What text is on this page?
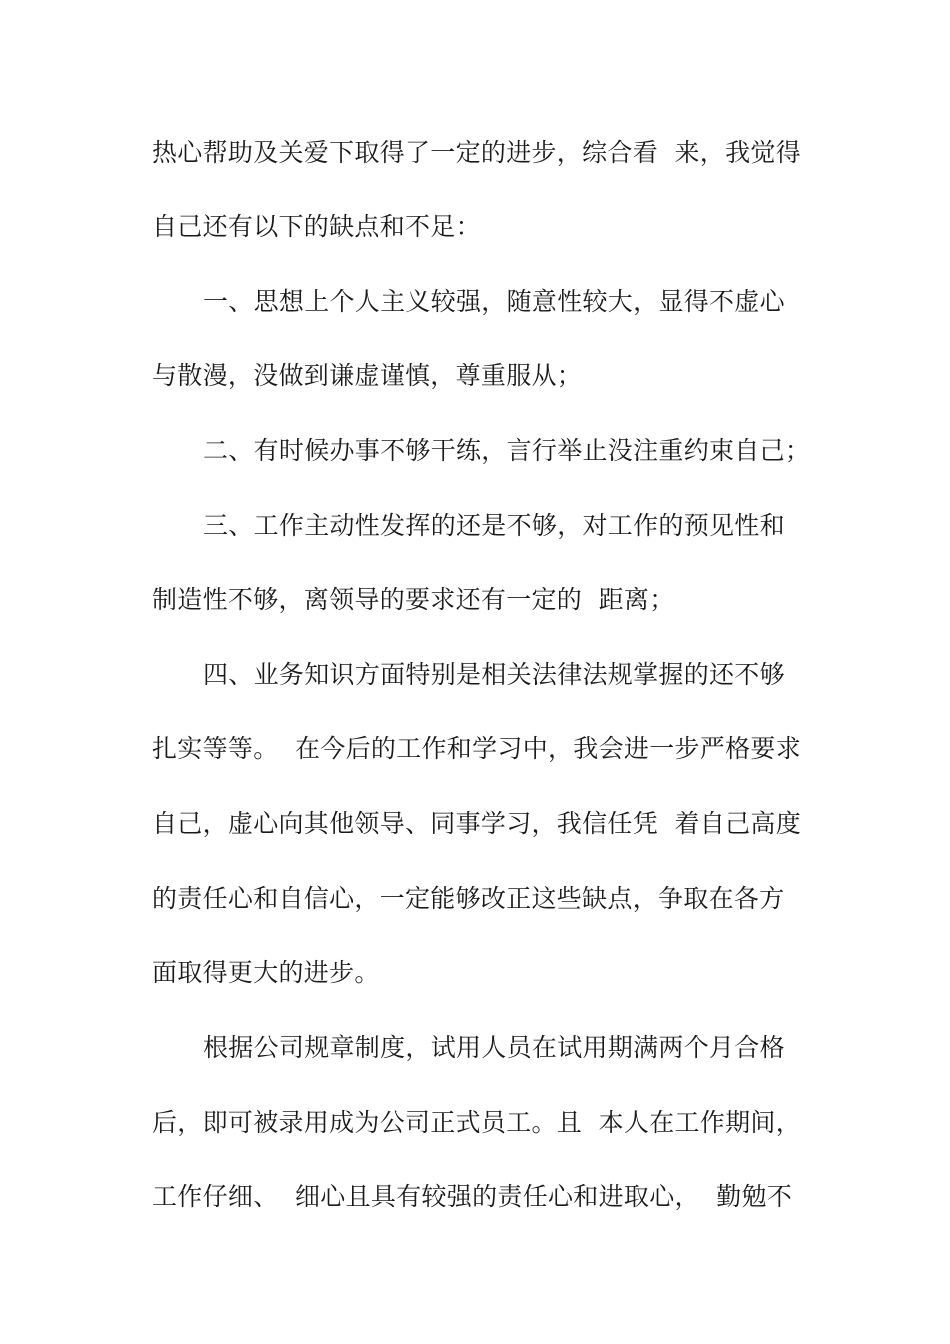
热心帮助及关爱下取得了一定的进步，综合看  来，我觉得
自己还有以下的缺点和不足：
一、思想上个人主义较强，随意性较大，显得不虚心
与散漫，没做到谦虚谨慎，尊重服从；
二、有时候办事不够干练，言行举止没注重约束自己；
三、工作主动性发挥的还是不够，对工作的预见性和
制造性不够，离领导的要求还有一定的  距离；
四、业务知识方面特别是相关法律法规掌握的还不够
扎实等等。  在今后的工作和学习中，我会进一步严格要求
自己，虚心向其他领导、同事学习，我信任凭  着自己高度
的责任心和自信心，一定能够改正这些缺点，争取在各方
面取得更大的进步。
根据公司规章制度，试用人员在试用期满两个月合格
后，即可被录用成为公司正式员工。且  本人在工作期间，
工作仔细、  细心且具有较强的责任心和进取心，  勤勉不
